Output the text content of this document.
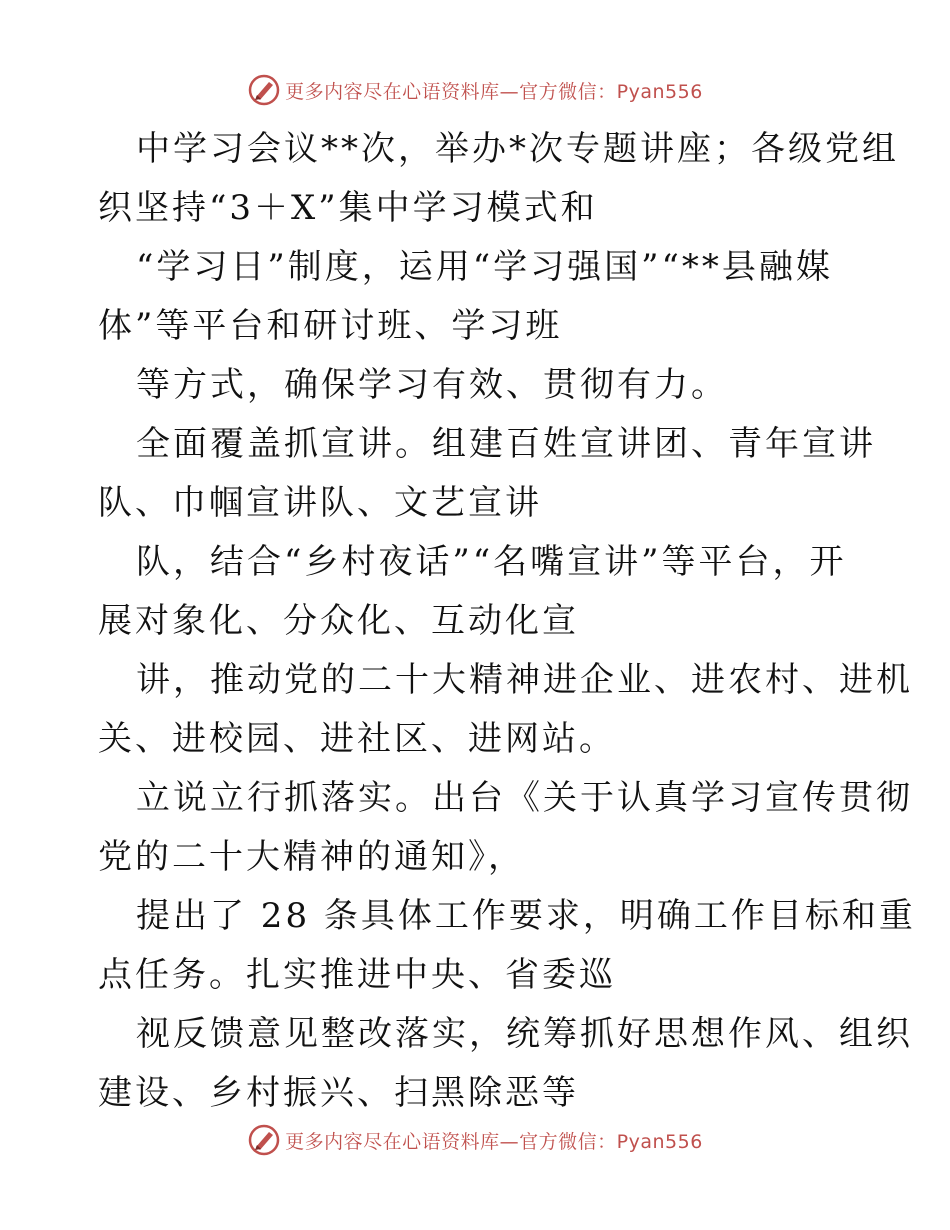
更多内容尽在心语资料库—官方微信：Pyan556
中学习会议**次，举办*次专题讲座；各级党组
织坚持“3＋X”集中学习模式和
“学习日”制度，运用“学习强国”“**县融媒
体”等平台和研讨班、学习班
等方式，确保学习有效、贯彻有力。
全面覆盖抓宣讲。组建百姓宣讲团、青年宣讲
队、巾帼宣讲队、文艺宣讲
队，结合“乡村夜话”“名嘴宣讲”等平台，开
展对象化、分众化、互动化宣
讲，推动党的二十大精神进企业、进农村、进机
关、进校园、进社区、进网站。
立说立行抓落实。出台《关于认真学习宣传贯彻
党的二十大精神的通知》，
提出了 28 条具体工作要求，明确工作目标和重
点任务。扎实推进中央、省委巡
视反馈意见整改落实，统筹抓好思想作风、组织
建设、乡村振兴、扫黑除恶等
更多内容尽在心语资料库—官方微信：Pyan556
